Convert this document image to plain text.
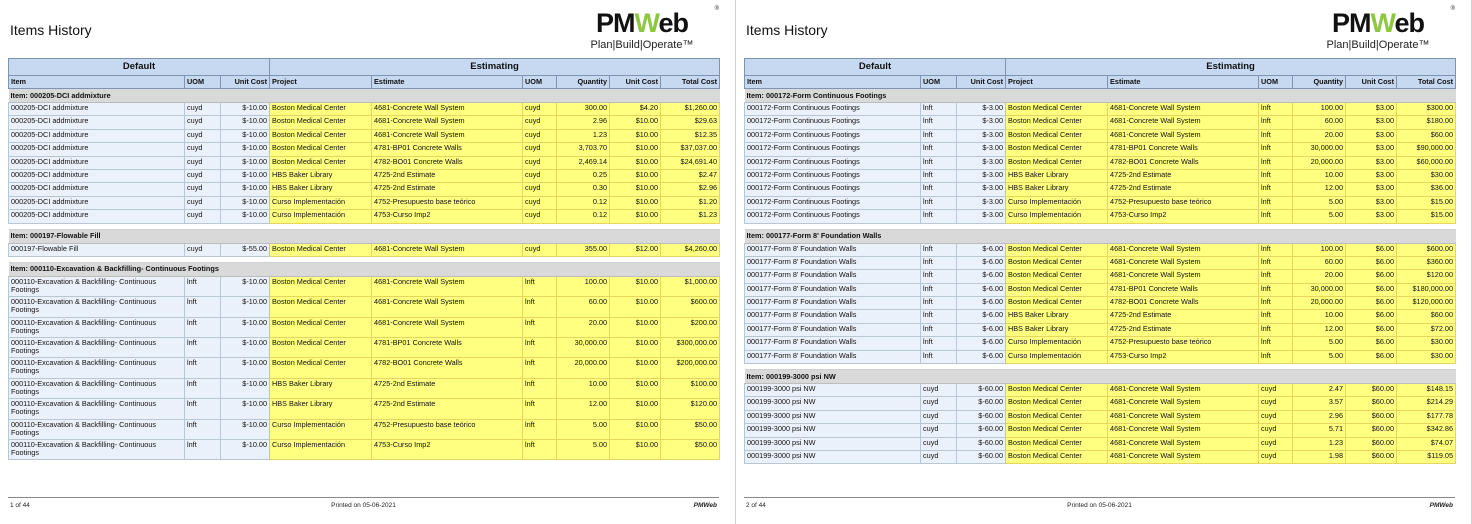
Items History	PMWeb	®
Plan|Build|Operate™
Default			Estimating					
Item	UOM	Unit Cost	Project	Estimate	UOM	Quantity	Unit Cost	Total Cost
Item: 000205-DCI addmixture								
000205-DCI addmixture	cuyd	$-10.00	Boston Medical Center	4681-Concrete Wall System	cuyd	300.00	$4.20	$1,260.00
000205-DCI addmixture	cuyd	$-10.00	Boston Medical Center	4681-Concrete Wall System	cuyd	2.96	$10.00	$29.63
000205-DCI addmixture	cuyd	$-10.00	Boston Medical Center	4681-Concrete Wall System	cuyd	1.23	$10.00	$12.35
000205-DCI addmixture	cuyd	$-10.00	Boston Medical Center	4781-BP01 Concrete Walls	cuyd	3,703.70	$10.00	$37,037.00
000205-DCI addmixture	cuyd	$-10.00	Boston Medical Center	4782-BO01 Concrete Walls	cuyd	2,469.14	$10.00	$24,691.40
000205-DCI addmixture	cuyd	$-10.00	HBS Baker Library	4725-2nd Estimate	cuyd	0.25	$10.00	$2.47
000205-DCI addmixture	cuyd	$-10.00	HBS Baker Library	4725-2nd Estimate	cuyd	0.30	$10.00	$2.96
000205-DCI addmixture	cuyd	$-10.00	Curso Implementación	4752-Presupuesto base teórico	cuyd	0.12	$10.00	$1.20
000205-DCI addmixture	cuyd	$-10.00	Curso Implementación	4753-Curso Imp2	cuyd	0.12	$10.00	$1.23

Item: 000197-Flowable Fill								
000197-Flowable Fill	cuyd	$-55.00	Boston Medical Center	4681-Concrete Wall System	cuyd	355.00	$12.00	$4,260.00

Item: 000110-Excavation & Backfilling- Continuous Footings								
000110-Excavation & Backfilling- Continuous Footings	lnft	$-10.00	Boston Medical Center	4681-Concrete Wall System	lnft	100.00	$10.00	$1,000.00
000110-Excavation & Backfilling- Continuous Footings	lnft	$-10.00	Boston Medical Center	4681-Concrete Wall System	lnft	60.00	$10.00	$600.00
000110-Excavation & Backfilling- Continuous Footings	lnft	$-10.00	Boston Medical Center	4681-Concrete Wall System	lnft	20.00	$10.00	$200.00
000110-Excavation & Backfilling- Continuous Footings	lnft	$-10.00	Boston Medical Center	4781-BP01 Concrete Walls	lnft	30,000.00	$10.00	$300,000.00
000110-Excavation & Backfilling- Continuous Footings	lnft	$-10.00	Boston Medical Center	4782-BO01 Concrete Walls	lnft	20,000.00	$10.00	$200,000.00
000110-Excavation & Backfilling- Continuous Footings	lnft	$-10.00	HBS Baker Library	4725-2nd Estimate	lnft	10.00	$10.00	$100.00
000110-Excavation & Backfilling- Continuous Footings	lnft	$-10.00	HBS Baker Library	4725-2nd Estimate	lnft	12.00	$10.00	$120.00
000110-Excavation & Backfilling- Continuous Footings	lnft	$-10.00	Curso Implementación	4752-Presupuesto base teórico	lnft	5.00	$10.00	$50.00
000110-Excavation & Backfilling- Continuous Footings	lnft	$-10.00	Curso Implementación	4753-Curso Imp2	lnft	5.00	$10.00	$50.00
1 of 44	Printed on 05-06-2021	PMWeb
Items History	PMWeb	®
Plan|Build|Operate™
Default			Estimating					
Item	UOM	Unit Cost	Project	Estimate	UOM	Quantity	Unit Cost	Total Cost
Item: 000172-Form Continuous Footings								
000172-Form Continuous Footings	lnft	$-3.00	Boston Medical Center	4681-Concrete Wall System	lnft	100.00	$3.00	$300.00
000172-Form Continuous Footings	lnft	$-3.00	Boston Medical Center	4681-Concrete Wall System	lnft	60.00	$3.00	$180.00
000172-Form Continuous Footings	lnft	$-3.00	Boston Medical Center	4681-Concrete Wall System	lnft	20.00	$3.00	$60.00
000172-Form Continuous Footings	lnft	$-3.00	Boston Medical Center	4781-BP01 Concrete Walls	lnft	30,000.00	$3.00	$90,000.00
000172-Form Continuous Footings	lnft	$-3.00	Boston Medical Center	4782-BO01 Concrete Walls	lnft	20,000.00	$3.00	$60,000.00
000172-Form Continuous Footings	lnft	$-3.00	HBS Baker Library	4725-2nd Estimate	lnft	10.00	$3.00	$30.00
000172-Form Continuous Footings	lnft	$-3.00	HBS Baker Library	4725-2nd Estimate	lnft	12.00	$3.00	$36.00
000172-Form Continuous Footings	lnft	$-3.00	Curso Implementación	4752-Presupuesto base teórico	lnft	5.00	$3.00	$15.00
000172-Form Continuous Footings	lnft	$-3.00	Curso Implementación	4753-Curso Imp2	lnft	5.00	$3.00	$15.00

Item: 000177-Form 8' Foundation Walls								
000177-Form 8' Foundation Walls	lnft	$-6.00	Boston Medical Center	4681-Concrete Wall System	lnft	100.00	$6.00	$600.00
000177-Form 8' Foundation Walls	lnft	$-6.00	Boston Medical Center	4681-Concrete Wall System	lnft	60.00	$6.00	$360.00
000177-Form 8' Foundation Walls	lnft	$-6.00	Boston Medical Center	4681-Concrete Wall System	lnft	20.00	$6.00	$120.00
000177-Form 8' Foundation Walls	lnft	$-6.00	Boston Medical Center	4781-BP01 Concrete Walls	lnft	30,000.00	$6.00	$180,000.00
000177-Form 8' Foundation Walls	lnft	$-6.00	Boston Medical Center	4782-BO01 Concrete Walls	lnft	20,000.00	$6.00	$120,000.00
000177-Form 8' Foundation Walls	lnft	$-6.00	HBS Baker Library	4725-2nd Estimate	lnft	10.00	$6.00	$60.00
000177-Form 8' Foundation Walls	lnft	$-6.00	HBS Baker Library	4725-2nd Estimate	lnft	12.00	$6.00	$72.00
000177-Form 8' Foundation Walls	lnft	$-6.00	Curso Implementación	4752-Presupuesto base teórico	lnft	5.00	$6.00	$30.00
000177-Form 8' Foundation Walls	lnft	$-6.00	Curso Implementación	4753-Curso Imp2	lnft	5.00	$6.00	$30.00

Item: 000199-3000 psi NW								
000199-3000 psi NW	cuyd	$-60.00	Boston Medical Center	4681-Concrete Wall System	cuyd	2.47	$60.00	$148.15
000199-3000 psi NW	cuyd	$-60.00	Boston Medical Center	4681-Concrete Wall System	cuyd	3.57	$60.00	$214.29
000199-3000 psi NW	cuyd	$-60.00	Boston Medical Center	4681-Concrete Wall System	cuyd	2.96	$60.00	$177.78
000199-3000 psi NW	cuyd	$-60.00	Boston Medical Center	4681-Concrete Wall System	cuyd	5.71	$60.00	$342.86
000199-3000 psi NW	cuyd	$-60.00	Boston Medical Center	4681-Concrete Wall System	cuyd	1.23	$60.00	$74.07
000199-3000 psi NW	cuyd	$-60.00	Boston Medical Center	4681-Concrete Wall System	cuyd	1.98	$60.00	$119.05
2 of 44	Printed on 05-06-2021	PMWeb
